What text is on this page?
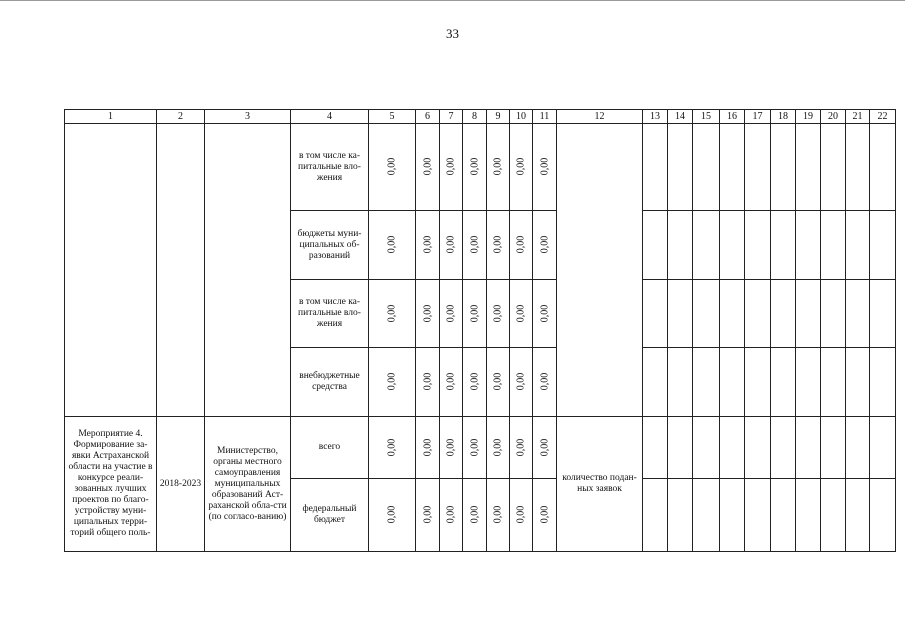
33
1	2	3	4	5	6	7	8	9	10	11	12	13	14	15	16	17	18	19	20	21	22
			в том числе ка-питальные вло-жения	0,00	0,00	0,00	0,00	0,00	0,00	0,00											
			бюджеты муни-ципальных об-разований	0,00	0,00	0,00	0,00	0,00	0,00	0,00											
			в том числе ка-питальные вло-жения	0,00	0,00	0,00	0,00	0,00	0,00	0,00											
			внебюджетные средства	0,00	0,00	0,00	0,00	0,00	0,00	0,00											
Мероприятие 4. Формирование за-явки Астраханской области на участие в конкурсе реали-зованных лучших проектов по благо-устройству муни-ципальных терри-торий общего поль-	2018-2023	Министерство, органы местного самоуправления муниципальных образований Аст-раханской обла-сти (по согласо-ванию)	всего	0,00	0,00	0,00	0,00	0,00	0,00	0,00	количество подан-ных заявок										
			федеральный бюджет	0,00	0,00	0,00	0,00	0,00	0,00	0,00											
